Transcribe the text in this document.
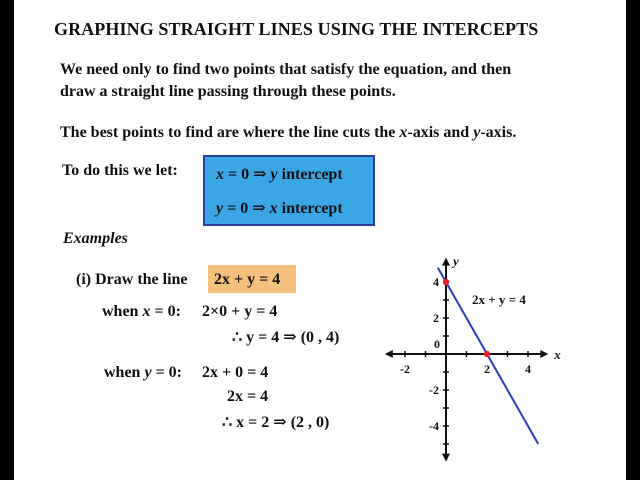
GRAPHING STRAIGHT LINES USING THE INTERCEPTS
We need only to find two points that satisfy the equation, and then
draw a straight line passing through these points.
The best points to find are where the line cuts the x-axis and y-axis.
To do this we let: x = 0 ⇒ y intercept
y = 0 ⇒ x intercept
Examples
(i) Draw the line 2x + y = 4
when x = 0: 2×0 + y = 4
∴ y = 4 ⇒ (0 , 4)
when y = 0: 2x + 0 = 4
2x = 4
∴ x = 2 ⇒ (2 , 0)
-2	2	4
4
2
-2
-4
0
x
y
2x + y = 4
